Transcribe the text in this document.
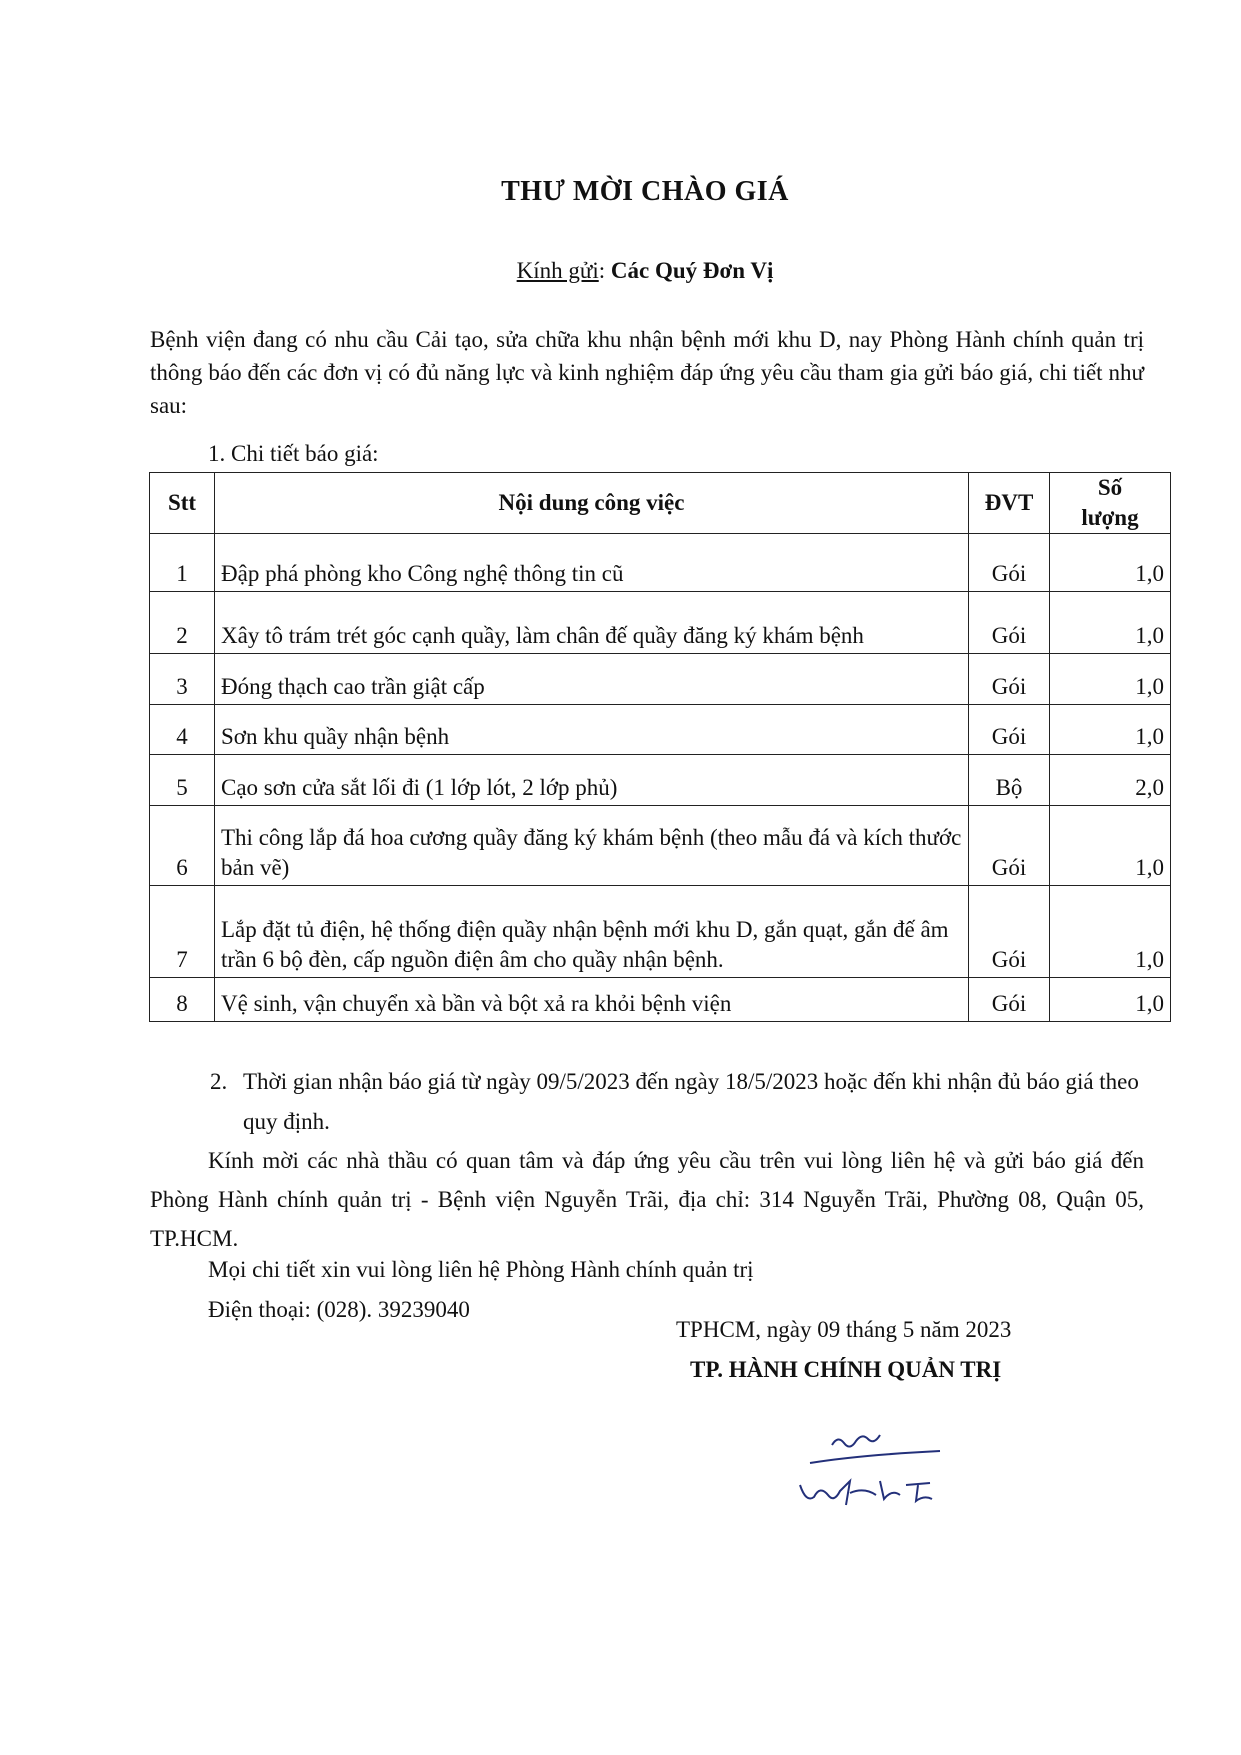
THƯ MỜI CHÀO GIÁ
Kính gửi: Các Quý Đơn Vị
Bệnh viện đang có nhu cầu Cải tạo, sửa chữa khu nhận bệnh mới khu D, nay Phòng Hành chính quản trị thông báo đến các đơn vị có đủ năng lực và kinh nghiệm đáp ứng yêu cầu tham gia gửi báo giá, chi tiết như sau:
1. Chi tiết báo giá:
Stt	Nội dung công việc	ĐVT	Số
lượng
1	Đập phá phòng kho Công nghệ thông tin cũ	Gói	1,0
2	Xây tô trám trét góc cạnh quầy, làm chân đế quầy đăng ký khám bệnh	Gói	1,0
3	Đóng thạch cao trần giật cấp	Gói	1,0
4	Sơn khu quầy nhận bệnh	Gói	1,0
5	Cạo sơn cửa sắt lối đi (1 lớp lót, 2 lớp phủ)	Bộ	2,0
6	Thi công lắp đá hoa cương quầy đăng ký khám bệnh (theo mẫu đá và kích thước bản vẽ)	Gói	1,0
7	Lắp đặt tủ điện, hệ thống điện quầy nhận bệnh mới khu D, gắn quạt, gắn đế âm trần 6 bộ đèn, cấp nguồn điện âm cho quầy nhận bệnh.	Gói	1,0
8	Vệ sinh, vận chuyển xà bần và bột xả ra khỏi bệnh viện	Gói	1,0
2. Thời gian nhận báo giá từ ngày 09/5/2023 đến ngày 18/5/2023 hoặc đến khi nhận đủ báo giá theo quy định.
Kính mời các nhà thầu có quan tâm và đáp ứng yêu cầu trên vui lòng liên hệ và gửi báo giá đến Phòng Hành chính quản trị - Bệnh viện Nguyễn Trãi, địa chỉ: 314 Nguyễn Trãi, Phường 08, Quận 05, TP.HCM.
Mọi chi tiết xin vui lòng liên hệ Phòng Hành chính quản trị
Điện thoại: (028). 39239040
TPHCM, ngày 09 tháng 5 năm 2023
TP. HÀNH CHÍNH QUẢN TRỊ
